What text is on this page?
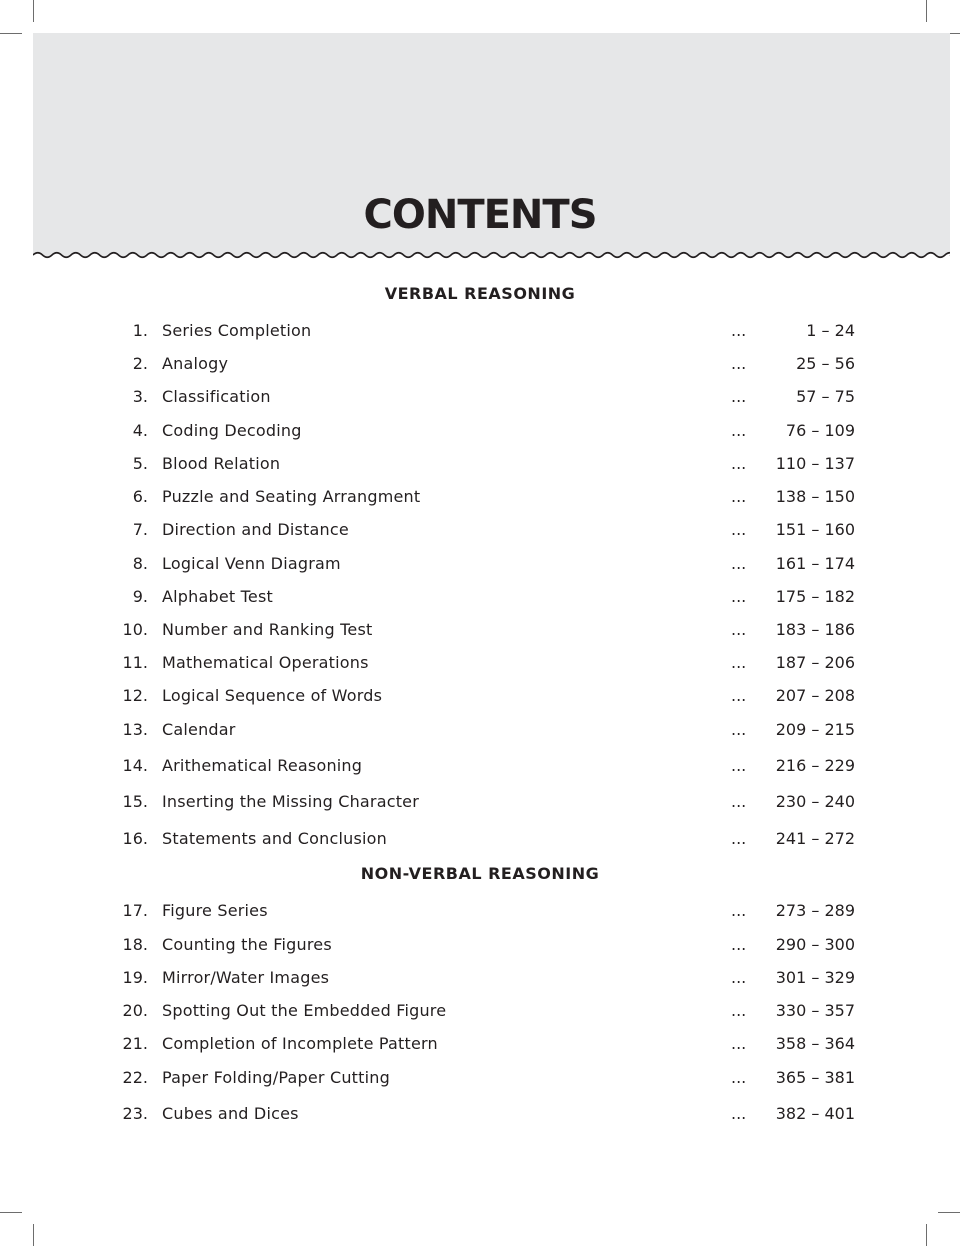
CONTENTS
VERBAL REASONING
NON-VERBAL REASONING
1. Series Completion	...	1 – 24
2. Analogy	...	25 – 56
3. Classification	...	57 – 75
4. Coding Decoding	... 76 – 109
5. Blood Relation	... 110 – 137
6. Puzzle and Seating Arrangment	... 138 – 150
7. Direction and Distance	... 151 – 160
8. Logical Venn Diagram	... 161 – 174
9. Alphabet Test	... 175 – 182
10. Number and Ranking Test	... 183 – 186
11. Mathematical Operations	... 187 – 206
12. Logical Sequence of Words	... 207 – 208
13. Calendar	... 209 – 215
14. Arithematical Reasoning	... 216 – 229
15. Inserting the Missing Character	... 230 – 240
16. Statements and Conclusion	... 241 – 272
17. Figure Series	... 273 – 289
18. Counting the Figures	... 290 – 300
19. Mirror/Water Images	... 301 – 329
20. Spotting Out the Embedded Figure	... 330 – 357
21. Completion of Incomplete Pattern	... 358 – 364
22. Paper Folding/Paper Cutting	... 365 – 381
23. Cubes and Dices	... 382 – 401
